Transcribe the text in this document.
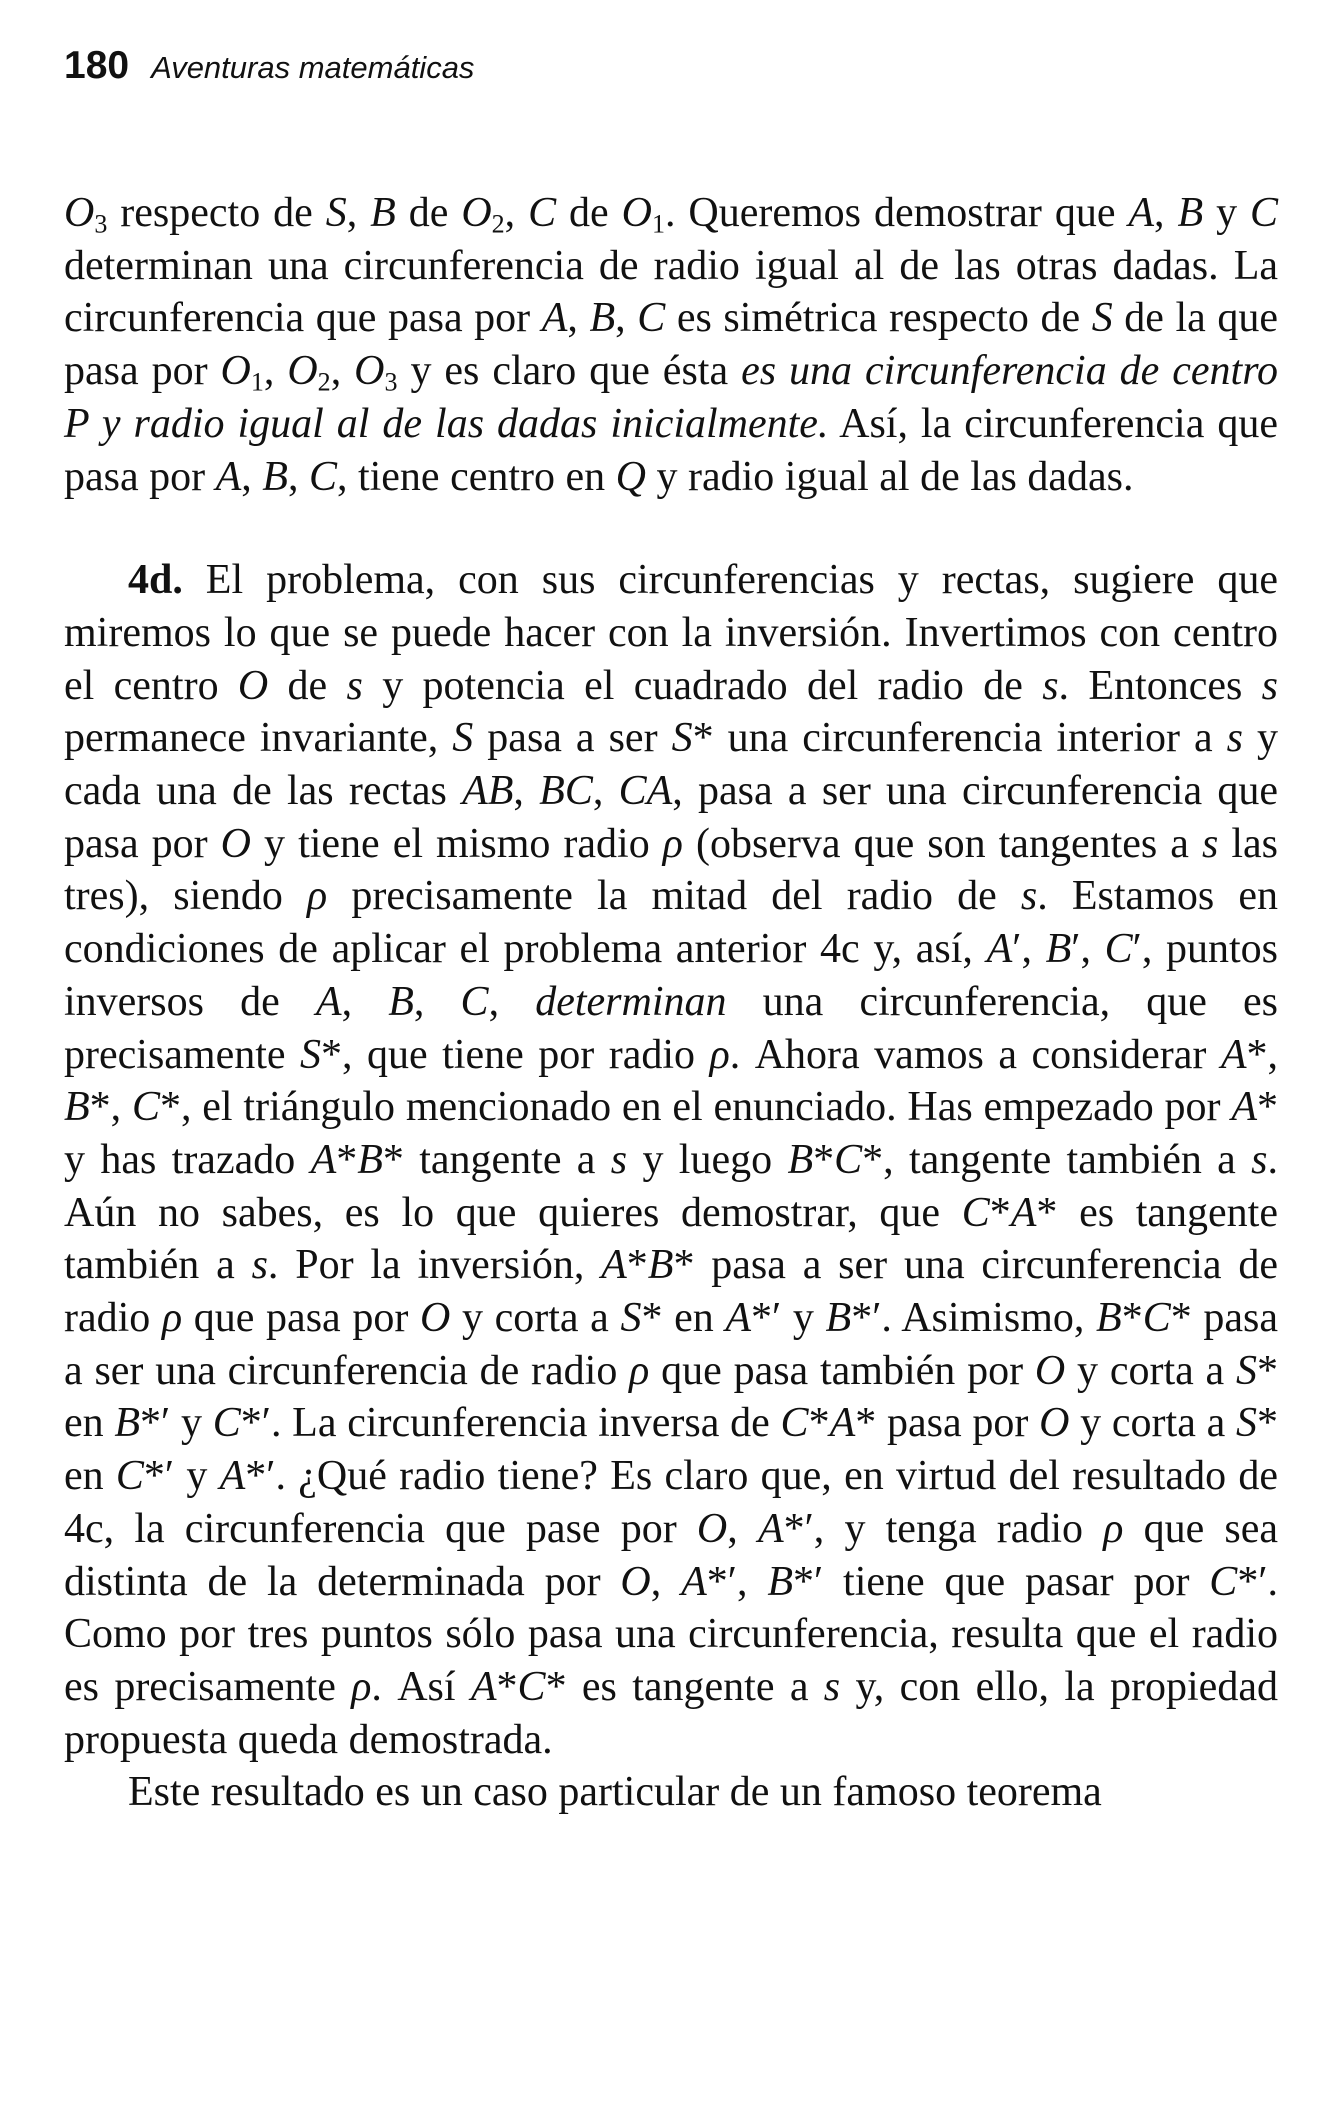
180 Aventuras matemáticas

$O_3$ respecto de S, B de $O_2$, C de $O_1$. Queremos demostrar que A, B y C determinan una circunferencia de radio igual al de las otras dadas. La circunferencia que pasa por A, B, C es simétrica respecto de S de la que pasa por $O_1$, $O_2$, $O_3$ y es claro que ésta es una circunferencia de centro P y radio igual al de las dadas inicialmente. Así, la circunferencia que pasa por A, B, C, tiene centro en Q y radio igual al de las dadas.

4d. El problema, con sus circunferencias y rectas, sugiere que miremos lo que se puede hacer con la inversión. Invertimos con centro el centro O de s y potencia el cuadrado del radio de s. Entonces s permanece invariante, S pasa a ser S* una circunferencia interior a s y cada una de las rectas AB, BC, CA, pasa a ser una circunferencia que pasa por O y tiene el mismo radio ρ (observa que son tangentes a s las tres), siendo ρ precisamente la mitad del radio de s. Estamos en condiciones de aplicar el problema anterior 4c y, así, A′, B′, C′, puntos inversos de A, B, C, determinan una circunferencia, que es precisamente S*, que tiene por radio ρ. Ahora vamos a considerar A*, B*, C*, el triángulo mencionado en el enunciado. Has empezado por A* y has trazado A*B* tangente a s y luego B*C*, tangente también a s. Aún no sabes, es lo que quieres demostrar, que C*A* es tangente también a s. Por la inversión, A*B* pasa a ser una circunferencia de radio ρ que pasa por O y corta a S* en A*′ y B*′. Asimismo, B*C* pasa a ser una circunferencia de radio ρ que pasa también por O y corta a S* en B*′ y C*′. La circunferencia inversa de C*A* pasa por O y corta a S* en C*′ y A*′. ¿Qué radio tiene? Es claro que, en virtud del resultado de 4c, la circunferencia que pase por O, A*′, y tenga radio ρ que sea distinta de la determinada por O, A*′, B*′ tiene que pasar por C*′. Como por tres puntos sólo pasa una circunferencia, resulta que el radio es precisamente ρ. Así A*C* es tangente a s y, con ello, la propiedad propuesta queda demostrada.

Este resultado es un caso particular de un famoso teorema
